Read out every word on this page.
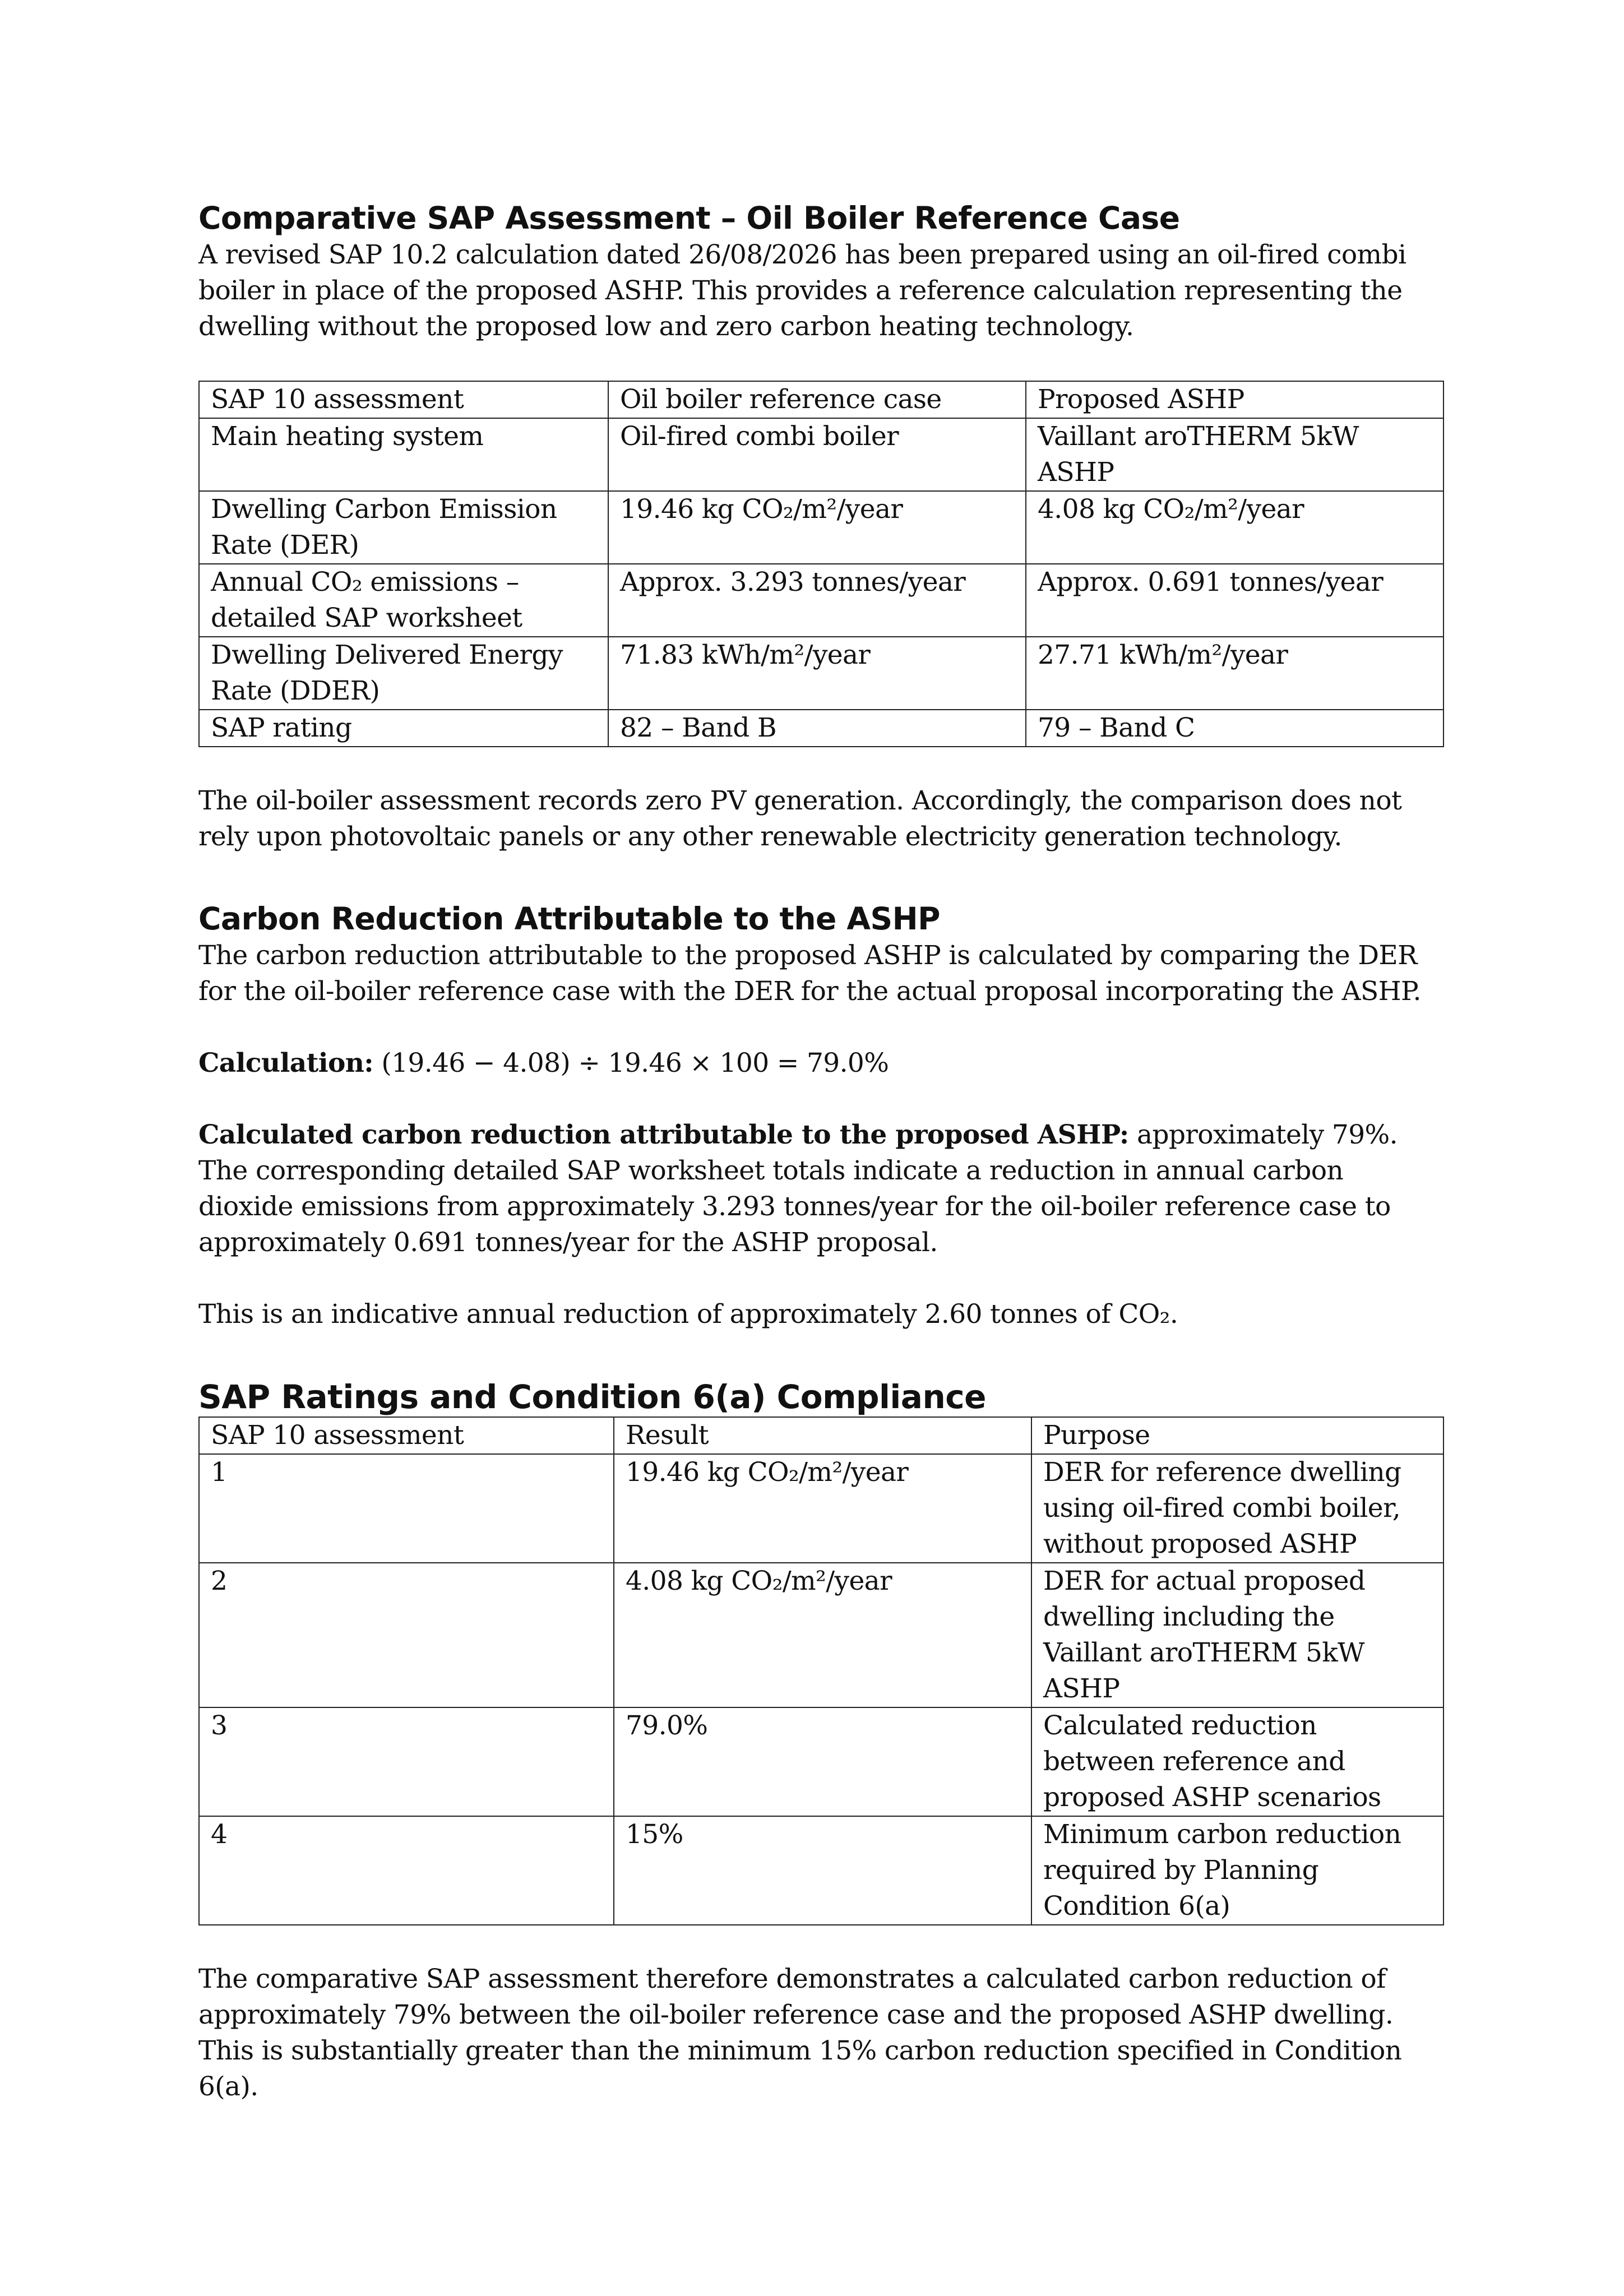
Comparative SAP Assessment – Oil Boiler Reference Case

A revised SAP 10.2 calculation dated 26/08/2026 has been prepared using an oil-fired combi boiler in place of the proposed ASHP. This provides a reference calculation representing the dwelling without the proposed low and zero carbon heating technology.

SAP 10 assessment	Oil boiler reference case	Proposed ASHP
Main heating system	Oil-fired combi boiler	Vaillant aroTHERM 5kW ASHP
Dwelling Carbon Emission Rate (DER)	19.46 kg CO₂/m²/year	4.08 kg CO₂/m²/year
Annual CO₂ emissions – detailed SAP worksheet	Approx. 3.293 tonnes/year	Approx. 0.691 tonnes/year
Dwelling Delivered Energy Rate (DDER)	71.83 kWh/m²/year	27.71 kWh/m²/year
SAP rating	82 – Band B	79 – Band C

The oil-boiler assessment records zero PV generation. Accordingly, the comparison does not rely upon photovoltaic panels or any other renewable electricity generation technology.

Carbon Reduction Attributable to the ASHP

The carbon reduction attributable to the proposed ASHP is calculated by comparing the DER for the oil-boiler reference case with the DER for the actual proposal incorporating the ASHP.

Calculation: (19.46 − 4.08) ÷ 19.46 × 100 = 79.0%

Calculated carbon reduction attributable to the proposed ASHP: approximately 79%.

The corresponding detailed SAP worksheet totals indicate a reduction in annual carbon dioxide emissions from approximately 3.293 tonnes/year for the oil-boiler reference case to approximately 0.691 tonnes/year for the ASHP proposal.

This is an indicative annual reduction of approximately 2.60 tonnes of CO₂.

SAP Ratings and Condition 6(a) Compliance
SAP 10 assessment	Result	Purpose
1	19.46 kg CO₂/m²/year	DER for reference dwelling using oil-fired combi boiler, without proposed ASHP
2	4.08 kg CO₂/m²/year	DER for actual proposed dwelling including the Vaillant aroTHERM 5kW ASHP
3	79.0%	Calculated reduction between reference and proposed ASHP scenarios
4	15%	Minimum carbon reduction required by Planning Condition 6(a)

The comparative SAP assessment therefore demonstrates a calculated carbon reduction of approximately 79% between the oil-boiler reference case and the proposed ASHP dwelling. This is substantially greater than the minimum 15% carbon reduction specified in Condition 6(a).
